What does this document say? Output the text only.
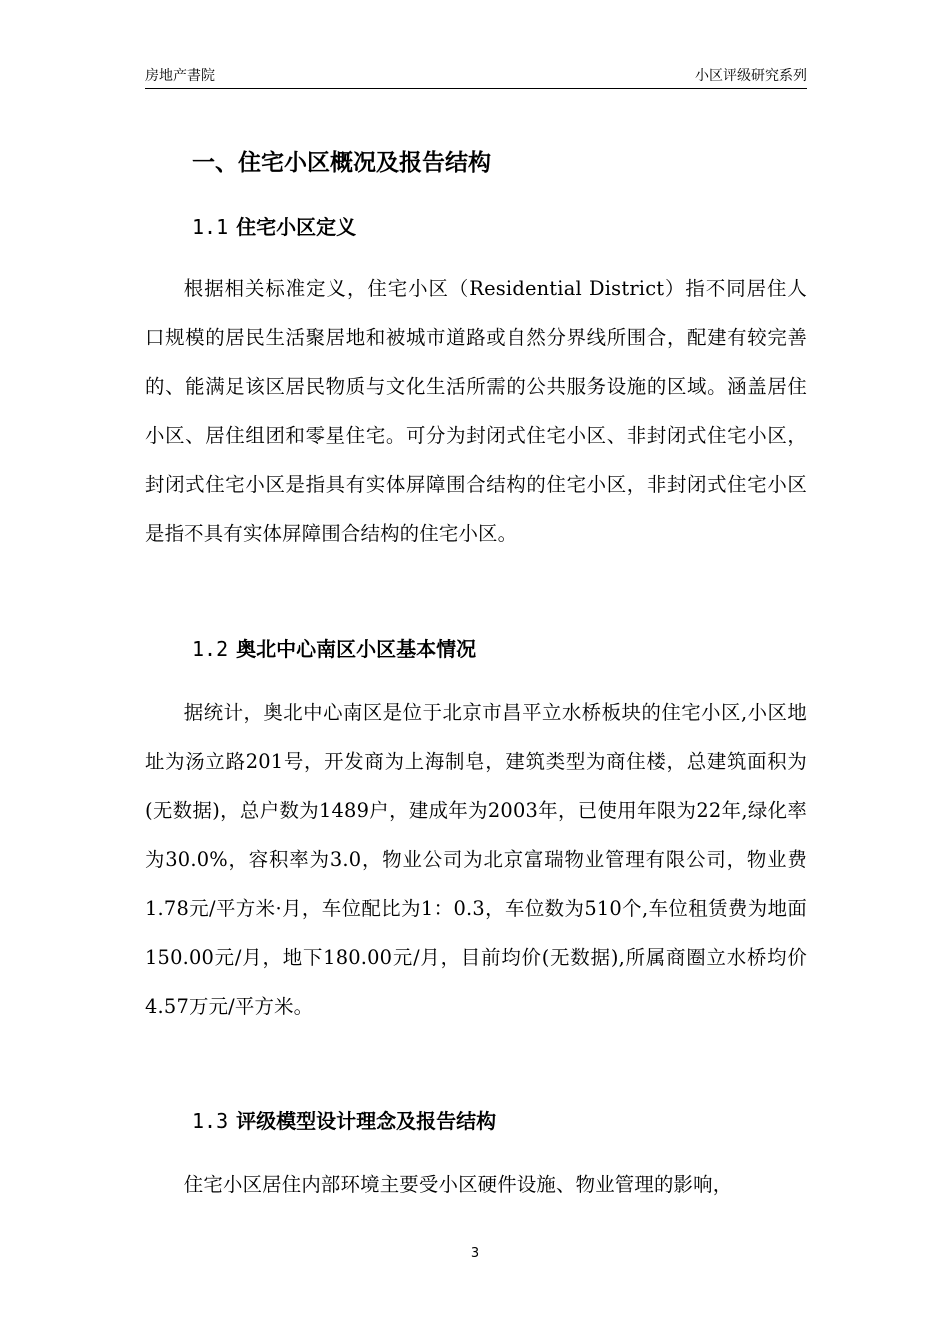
房地产書院	小区评级研究系列
一、住宅小区概况及报告结构
1.1 住宅小区定义

根据相关标准定义，住宅小区（Residential District）指不同居住人口规模的居民生活聚居地和被城市道路或自然分界线所围合，配建有较完善的、能满足该区居民物质与文化生活所需的公共服务设施的区域。涵盖居住小区、居住组团和零星住宅。可分为封闭式住宅小区、非封闭式住宅小区，封闭式住宅小区是指具有实体屏障围合结构的住宅小区，非封闭式住宅小区是指不具有实体屏障围合结构的住宅小区。

1.2 奥北中心南区小区基本情况

据统计，奥北中心南区是位于北京市昌平立水桥板块的住宅小区,小区地址为汤立路201号，开发商为上海制皂，建筑类型为商住楼，总建筑面积为(无数据)，总户数为1489户，建成年为2003年，已使用年限为22年,绿化率为30.0%，容积率为3.0，物业公司为北京富瑞物业管理有限公司，物业费1.78元/平方米·月，车位配比为1：0.3，车位数为510个,车位租赁费为地面150.00元/月，地下180.00元/月，目前均价(无数据),所属商圈立水桥均价4.57万元/平方米。

1.3 评级模型设计理念及报告结构

住宅小区居住内部环境主要受小区硬件设施、物业管理的影响，

3
